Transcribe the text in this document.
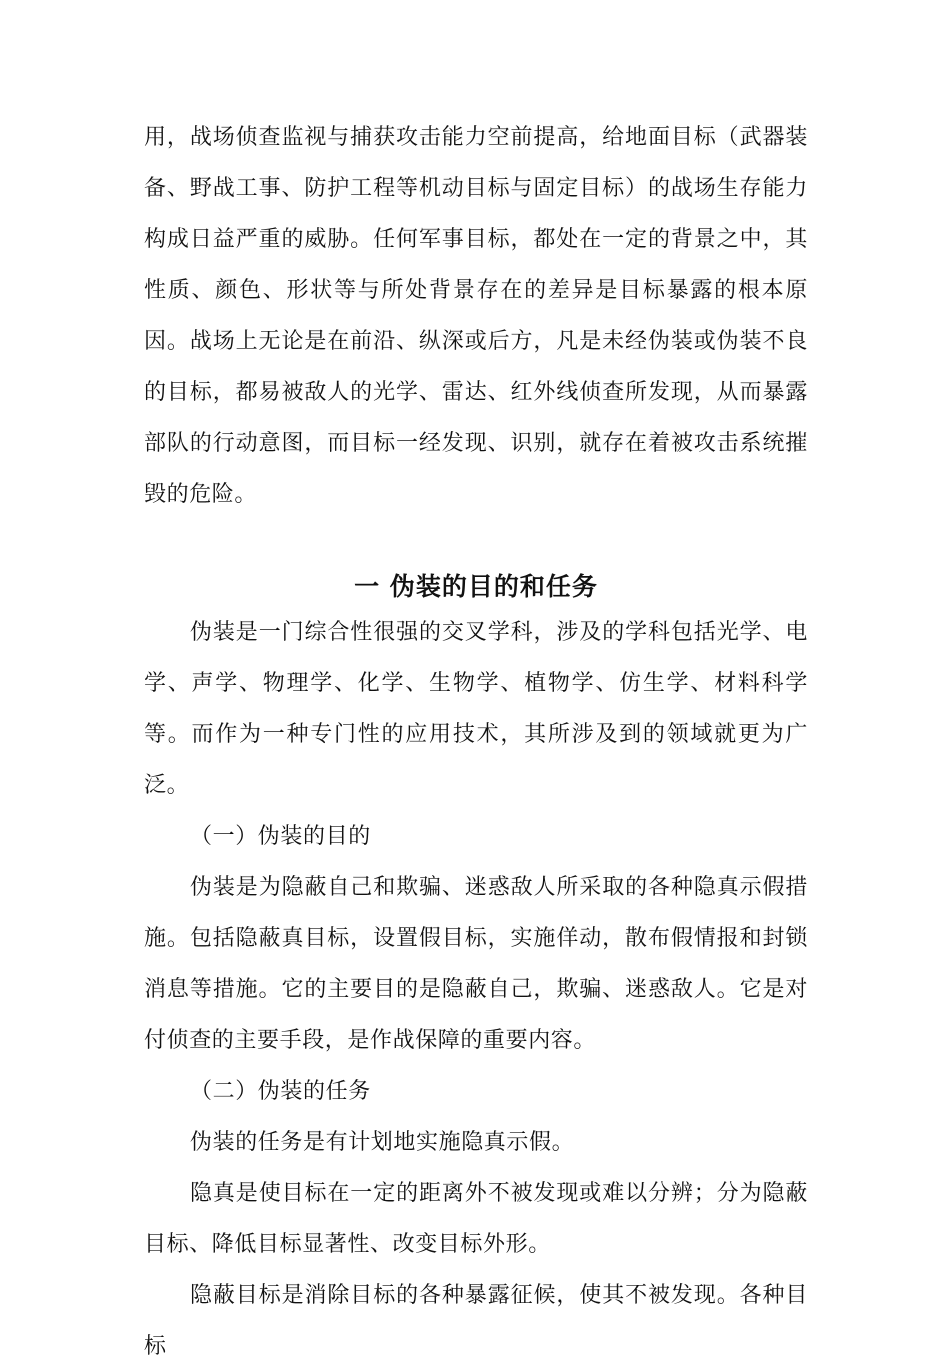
用，战场侦查监视与捕获攻击能力空前提高，给地面目标（武器装备、野战工事、防护工程等机动目标与固定目标）的战场生存能力构成日益严重的威胁。任何军事目标，都处在一定的背景之中，其性质、颜色、形状等与所处背景存在的差异是目标暴露的根本原因。战场上无论是在前沿、纵深或后方，凡是未经伪装或伪装不良的目标，都易被敌人的光学、雷达、红外线侦查所发现，从而暴露部队的行动意图，而目标一经发现、识别，就存在着被攻击系统摧毁的危险。

一 伪装的目的和任务

伪装是一门综合性很强的交叉学科，涉及的学科包括光学、电学、声学、物理学、化学、生物学、植物学、仿生学、材料科学等。而作为一种专门性的应用技术，其所涉及到的领域就更为广泛。

（一）伪装的目的

伪装是为隐蔽自己和欺骗、迷惑敌人所采取的各种隐真示假措施。包括隐蔽真目标，设置假目标，实施佯动，散布假情报和封锁消息等措施。它的主要目的是隐蔽自己，欺骗、迷惑敌人。它是对付侦查的主要手段，是作战保障的重要内容。

（二）伪装的任务

伪装的任务是有计划地实施隐真示假。

隐真是使目标在一定的距离外不被发现或难以分辨；分为隐蔽目标、降低目标显著性、改变目标外形。

隐蔽目标是消除目标的各种暴露征候，使其不被发现。各种目标
